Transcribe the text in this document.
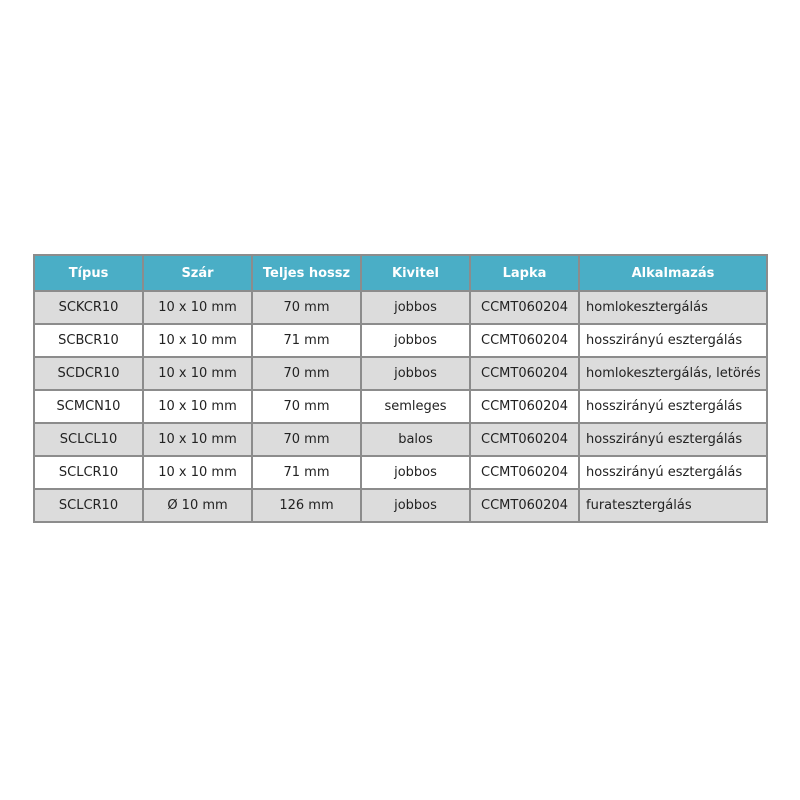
Típus	Szár	Teljes hossz	Kivitel	Lapka	Alkalmazás
SCKCR10	10 x 10 mm	70 mm	jobbos	CCMT060204	homlokesztergálás
SCBCR10	10 x 10 mm	71 mm	jobbos	CCMT060204	hosszirányú esztergálás
SCDCR10	10 x 10 mm	70 mm	jobbos	CCMT060204	homlokesztergálás, letörés
SCMCN10	10 x 10 mm	70 mm	semleges	CCMT060204	hosszirányú esztergálás
SCLCL10	10 x 10 mm	70 mm	balos	CCMT060204	hosszirányú esztergálás
SCLCR10	10 x 10 mm	71 mm	jobbos	CCMT060204	hosszirányú esztergálás
SCLCR10	Ø 10 mm	126 mm	jobbos	CCMT060204	furatesztergálás
